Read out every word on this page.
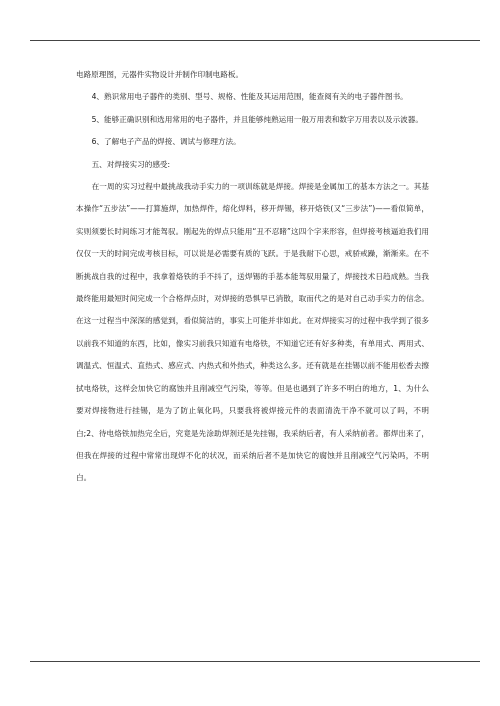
电路原理图，元器件实物设计并制作印制电路板。

4、熟识常用电子器件的类别、型号、规格、性能及其运用范围，能查阅有关的电子器件图书。

5、能够正确识别和选用常用的电子器件，并且能够纯熟运用一般万用表和数字万用表以及示波器。

6、了解电子产品的焊接、调试与修理方法。

五、对焊接实习的感受:

在一周的实习过程中最挑战我动手实力的一项训练就是焊接。焊接是金属加工的基本方法之一。其基本操作“五步法”——打算施焊，加热焊件，熔化焊料，移开焊锡，移开烙铁(又“三步法”)——看似简单，实则须要长时间练习才能驾驭。刚起先的焊点只能用“丑不忍睹”这四个字来形容，但焊接考核逼迫我们用仅仅一天的时间完成考核目标，可以说是必需要有质的飞跃。于是我耐下心思，戒骄戒躁，渐渐来。在不断挑战自我的过程中，我拿着烙铁的手不抖了，送焊锡的手基本能驾驭用量了，焊接技术日趋成熟。当我最终能用最短时间完成一个合格焊点时，对焊接的恐惧早已消散，取而代之的是对自己动手实力的信念。在这一过程当中深深的感觉到，看似简洁的，事实上可能并非如此。在对焊接实习的过程中我学到了很多以前我不知道的东西，比如，像实习前我只知道有电烙铁，不知道它还有好多种类，有单用式、两用式、调温式、恒温式、直热式、感应式、内热式和外热式，种类这么多。还有就是在挂锡以前不能用松香去擦拭电烙铁，这样会加快它的腐蚀并且削减空气污染，等等。但是也遇到了许多不明白的地方，1、为什么要对焊接物进行挂锡，是为了防止氧化吗，只要我将被焊接元件的表面清洗干净不就可以了吗，不明白;2、待电烙铁加热完全后，究竟是先涂助焊剂还是先挂锡，我采纳后者，有人采纳前者。都焊出来了，但我在焊接的过程中常常出现焊不化的状况，而采纳后者不是加快它的腐蚀并且削减空气污染吗，不明白。
